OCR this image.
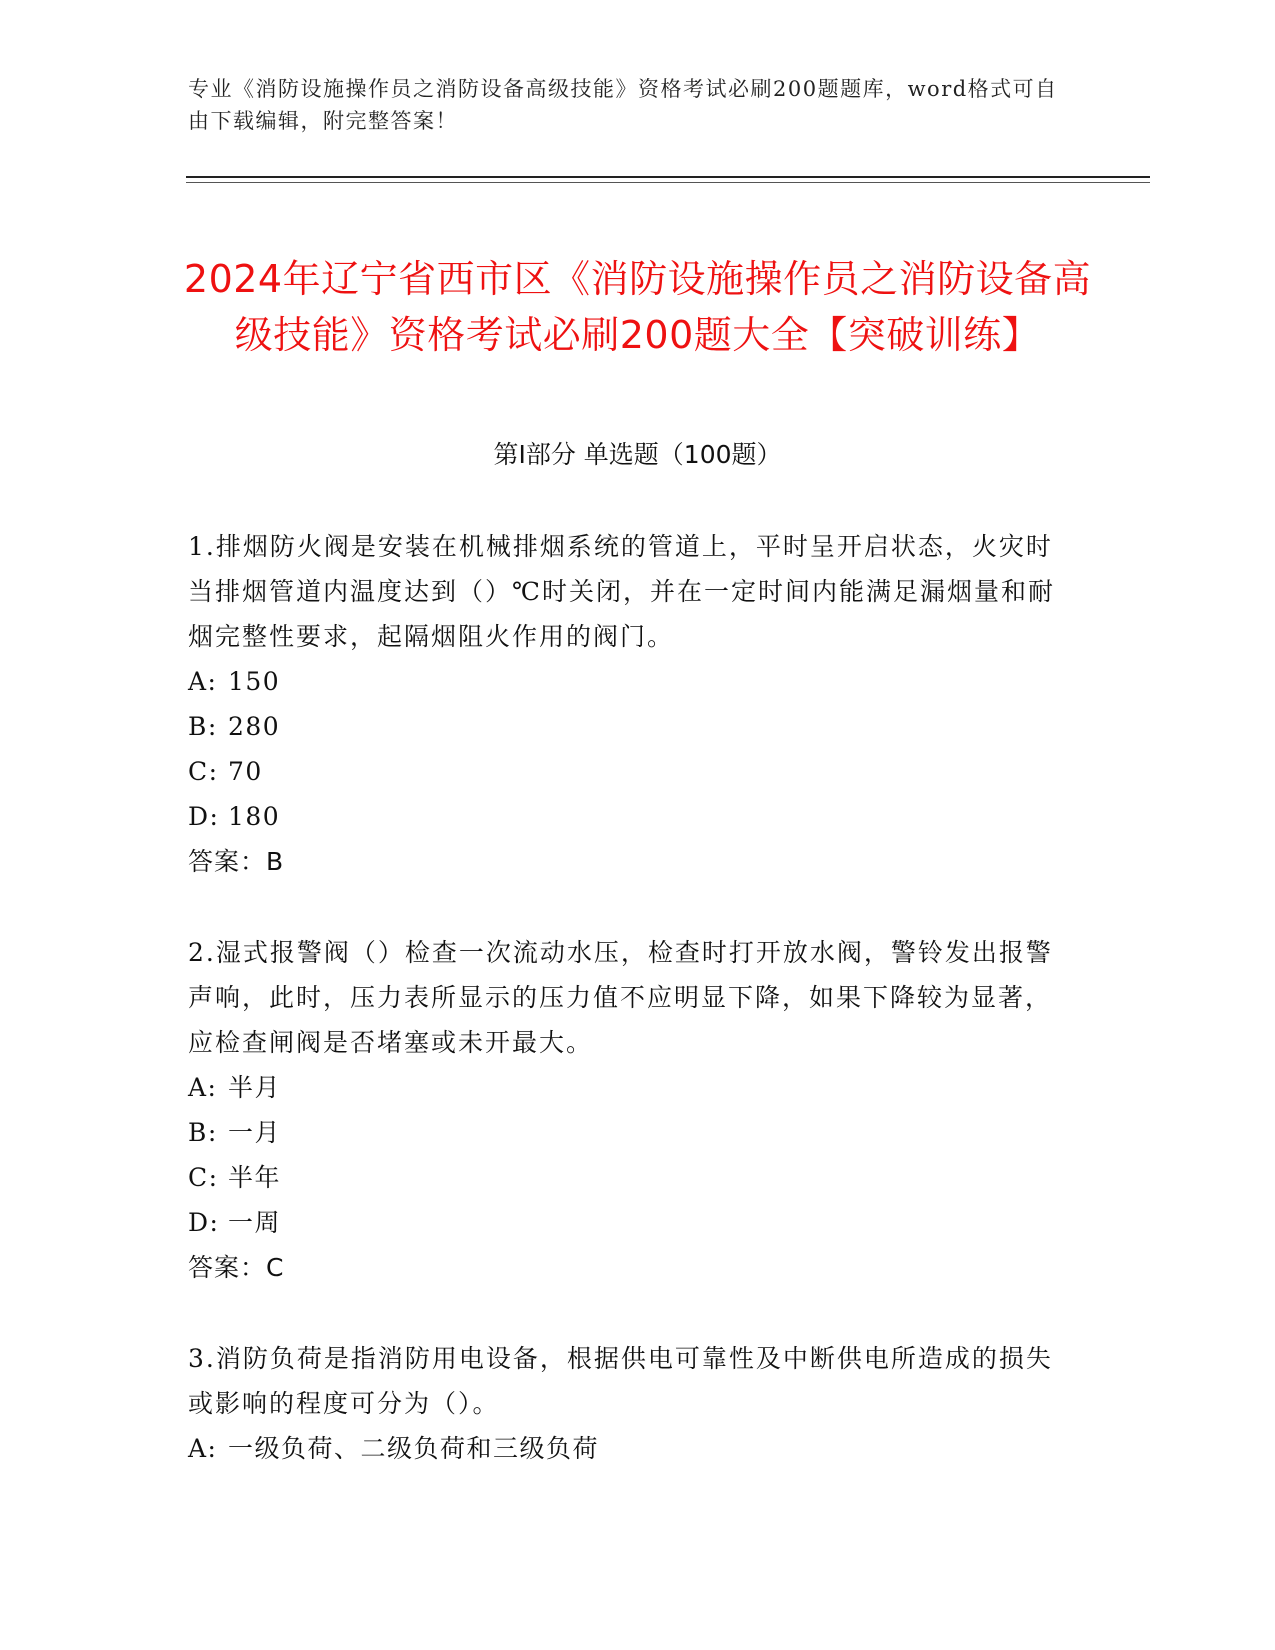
专业《消防设施操作员之消防设备高级技能》资格考试必刷200题题库，word格式可自由下载编辑，附完整答案！
2024年辽宁省西市区《消防设施操作员之消防设备高级技能》资格考试必刷200题大全【突破训练】
第Ⅰ部分 单选题（100题）

1.排烟防火阀是安装在机械排烟系统的管道上，平时呈开启状态，火灾时当排烟管道内温度达到（）℃时关闭，并在一定时间内能满足漏烟量和耐烟完整性要求，起隔烟阻火作用的阀门。

A: 150

B: 280

C: 70

D: 180

答案：B

2.湿式报警阀（）检查一次流动水压，检查时打开放水阀，警铃发出报警声响，此时，压力表所显示的压力值不应明显下降，如果下降较为显著，应检查闸阀是否堵塞或未开最大。

A: 半月

B: 一月

C: 半年

D: 一周

答案：C

3.消防负荷是指消防用电设备，根据供电可靠性及中断供电所造成的损失或影响的程度可分为（）。

A: 一级负荷、二级负荷和三级负荷
